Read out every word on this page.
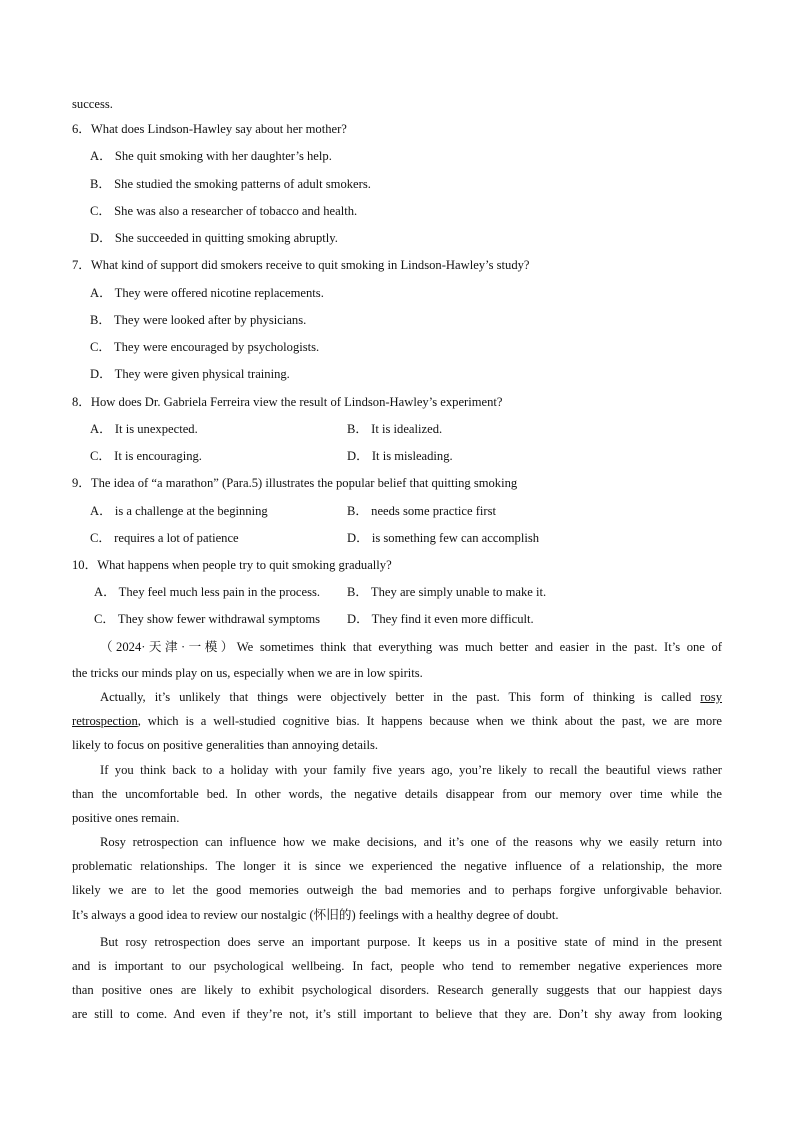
success.
6．What does Lindson-Hawley say about her mother?
A． She quit smoking with her daughter’s help.
B． She studied the smoking patterns of adult smokers.
C． She was also a researcher of tobacco and health.
D． She succeeded in quitting smoking abruptly.
7．What kind of support did smokers receive to quit smoking in Lindson-Hawley’s study?
A． They were offered nicotine replacements.
B． They were looked after by physicians.
C． They were encouraged by psychologists.
D． They were given physical training.
8．How does Dr. Gabriela Ferreira view the result of Lindson-Hawley’s experiment?
A． It is unexpected.	B． It is idealized.
C． It is encouraging.	D． It is misleading.
9．The idea of “a marathon” (Para.5) illustrates the popular belief that quitting smoking
A． is a challenge at the beginning	B． needs some practice first
C． requires a lot of patience	D． is something few can accomplish
10．What happens when people try to quit smoking gradually?
A． They feel much less pain in the process. B． They are simply unable to make it.
C． They show fewer withdrawal symptoms D． They find it even more difficult.
（2024·天津·一模）We sometimes think that everything was much better and easier in the past. It’s one of
the tricks our minds play on us, especially when we are in low spirits.
Actually, it’s unlikely that things were objectively better in the past. This form of thinking is called rosy
retrospection, which is a well-studied cognitive bias. It happens because when we think about the past, we are more
likely to focus on positive generalities than annoying details.
If you think back to a holiday with your family five years ago, you’re likely to recall the beautiful views rather
than the uncomfortable bed. In other words, the negative details disappear from our memory over time while the
positive ones remain.
Rosy retrospection can influence how we make decisions, and it’s one of the reasons why we easily return into
problematic relationships. The longer it is since we experienced the negative influence of a relationship, the more
likely we are to let the good memories outweigh the bad memories and to perhaps forgive unforgivable behavior.
It’s always a good idea to review our nostalgic (怀旧的) feelings with a healthy degree of doubt.
But rosy retrospection does serve an important purpose. It keeps us in a positive state of mind in the present
and is important to our psychological wellbeing. In fact, people who tend to remember negative experiences more
than positive ones are likely to exhibit psychological disorders. Research generally suggests that our happiest days
are still to come. And even if they’re not, it’s still important to believe that they are. Don’t shy away from looking
